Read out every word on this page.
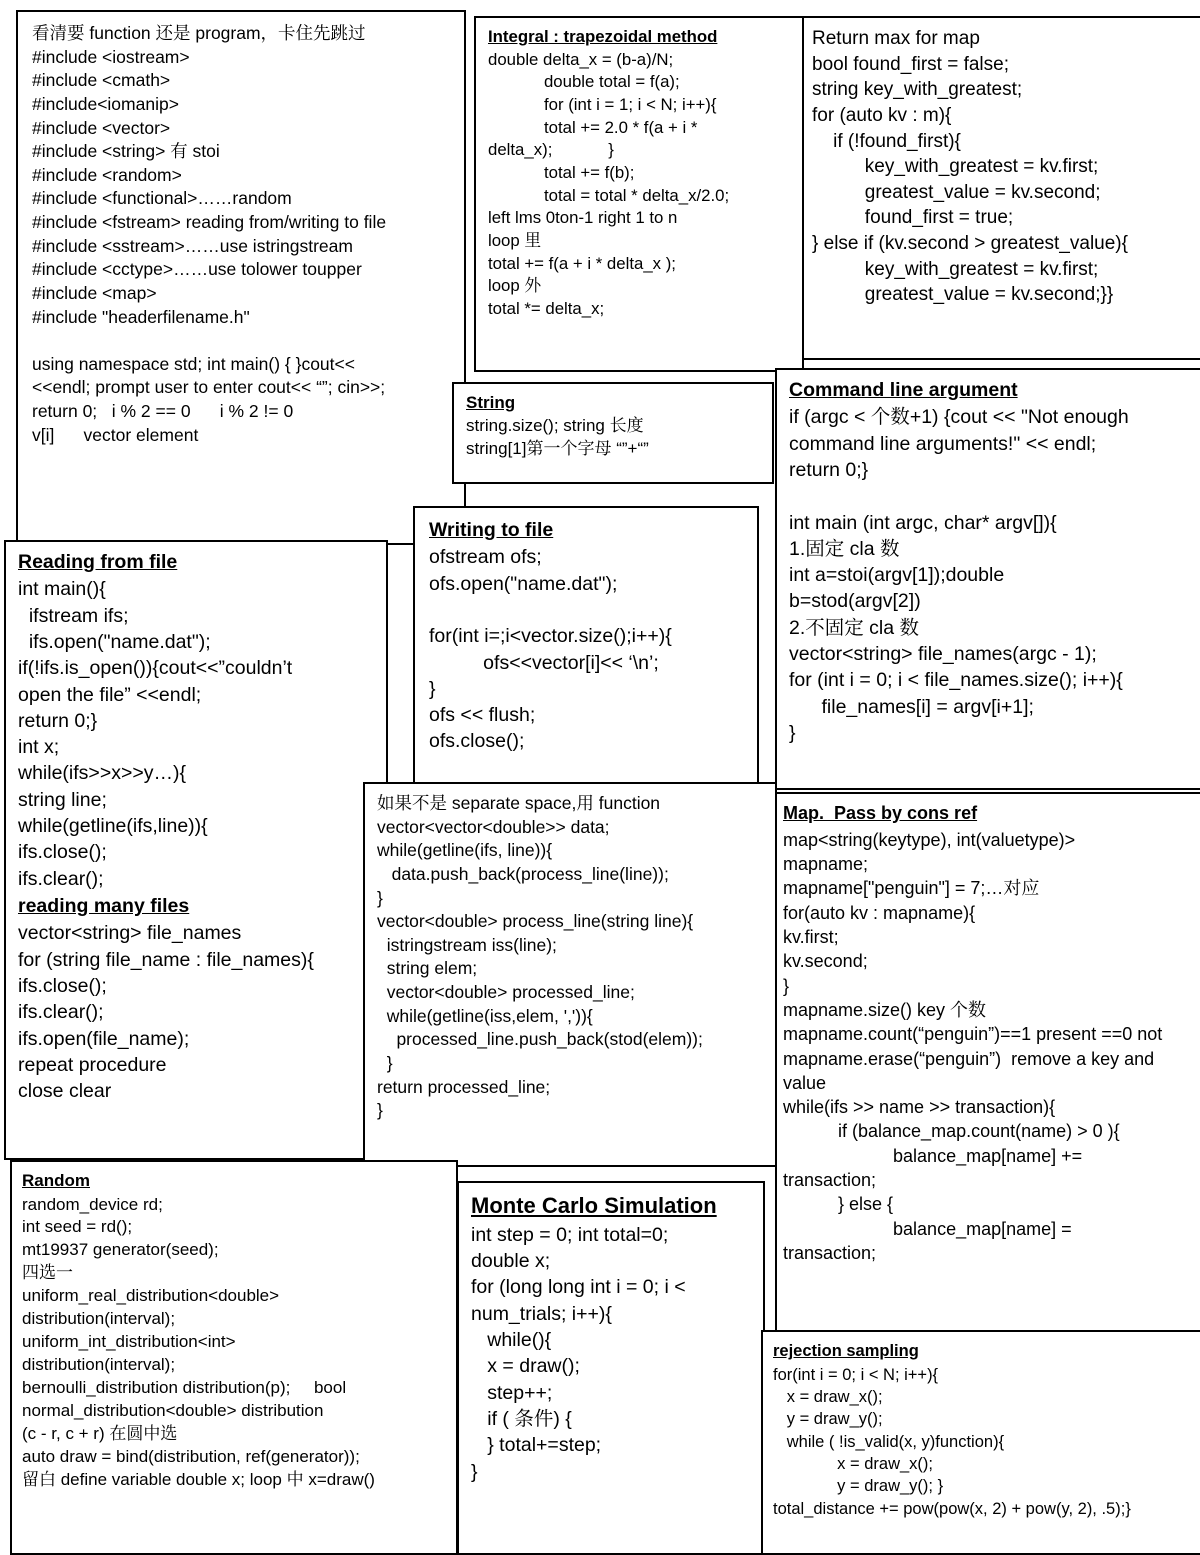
看清要 function 还是 program，卡住先跳过
#include <iostream>
#include <cmath>
#include<iomanip>
#include <vector>
#include <string> 有 stoi
#include <random>
#include <functional>……random
#include <fstream> reading from/writing to file
#include <sstream>……use istringstream
#include <cctype>……use tolower toupper
#include <map>
#include "headerfilename.h"

using namespace std; int main() { }cout<<
<<endl; prompt user to enter cout<< “”; cin>>;
return 0;   i % 2 == 0      i % 2 != 0
v[i]      vector element
Integral : trapezoidal method
double delta_x = (b-a)/N;
double total = f(a);
for (int i = 1; i < N; i++){
total += 2.0 * f(a + i *
delta_x);            }
total += f(b);
total = total * delta_x/2.0;
left lms 0ton-1 right 1 to n
loop 里
total += f(a + i * delta_x );
loop 外
total *= delta_x;
Return max for map
bool found_first = false;
string key_with_greatest;
for (auto kv : m){
if (!found_first){
key_with_greatest = kv.first;
greatest_value = kv.second;
found_first = true;
} else if (kv.second > greatest_value){
key_with_greatest = kv.first;
greatest_value = kv.second;}}
String
string.size(); string 长度
string[1]第一个字母 “”+“”
Command line argument
if (argc < 个数+1) {cout << "Not enough
command line arguments!" << endl;
return 0;}

int main (int argc, char* argv[]){
1.固定 cla 数
int a=stoi(argv[1]);double
b=stod(argv[2])
2.不固定 cla 数
vector<string> file_names(argc - 1);
for (int i = 0; i < file_names.size(); i++){
file_names[i] = argv[i+1];
}
Writing to file
ofstream ofs;
ofs.open("name.dat");

for(int i=;i<vector.size();i++){
ofs<<vector[i]<< ‘\n’;
}
ofs << flush;
ofs.close();
Reading from file
int main(){
ifstream ifs;
ifs.open("name.dat");
if(!ifs.is_open()){cout<<”couldn’t
open the file” <<endl;
return 0;}
int x;
while(ifs>>x>>y…){
string line;
while(getline(ifs,line)){
ifs.close();
ifs.clear();
reading many files
vector<string> file_names
for (string file_name : file_names){
ifs.close();
ifs.clear();
ifs.open(file_name);
repeat procedure
close clear
如果不是 separate space,用 function
vector<vector<double>> data;
while(getline(ifs, line)){
data.push_back(process_line(line));
}
vector<double> process_line(string line){
istringstream iss(line);
string elem;
vector<double> processed_line;
while(getline(iss,elem, ',')){
processed_line.push_back(stod(elem));
}
return processed_line;
}
Map.  Pass by cons ref
map<string(keytype), int(valuetype)>
mapname;
mapname["penguin"] = 7;…对应
for(auto kv : mapname){
kv.first;
kv.second;
}
mapname.size() key 个数
mapname.count(“penguin”)==1 present ==0 not
mapname.erase(“penguin”)  remove a key and
value
while(ifs >> name >> transaction){
if (balance_map.count(name) > 0 ){
balance_map[name] +=
transaction;
} else {
balance_map[name] =
transaction;
Random
random_device rd;
int seed = rd();
mt19937 generator(seed);
四选一
uniform_real_distribution<double>
distribution(interval);
uniform_int_distribution<int>
distribution(interval);
bernoulli_distribution distribution(p);     bool
normal_distribution<double> distribution
(c - r, c + r) 在圆中选
auto draw = bind(distribution, ref(generator));
留白 define variable double x; loop 中 x=draw()
Monte Carlo Simulation
int step = 0; int total=0;
double x;
for (long long int i = 0; i <
num_trials; i++){
while(){
x = draw();
step++;
if ( 条件) {
} total+=step;
}
rejection sampling
for(int i = 0; i < N; i++){
x = draw_x();
y = draw_y();
while ( !is_valid(x, y)function){
x = draw_x();
y = draw_y(); }
total_distance += pow(pow(x, 2) + pow(y, 2), .5);}
